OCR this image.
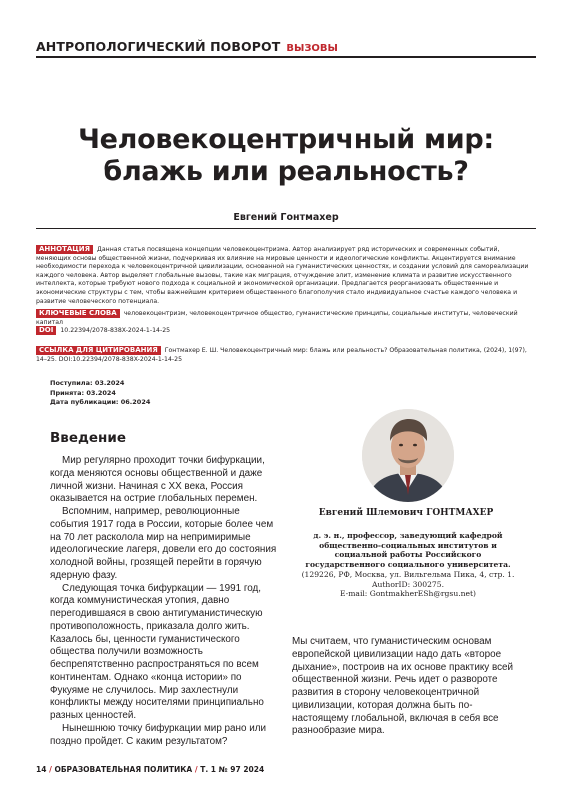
АНТРОПОЛОГИЧЕСКИЙ ПОВОРОТ ВЫЗОВЫ
Человекоцентричный мир:
блажь или реальность?
Евгений Гонтмахер
АННОТАЦИЯ Данная статья посвящена концепции человекоцентризма. Автор анализирует ряд исторических и современных событий, меняющих основы общественной жизни, подчеркивая их влияние на мировые ценности и идеологические конфликты. Акцентируется внимание необходимости перехода к человекоцентричной цивилизации, основанной на гуманистических ценностях, и создании условий для самореализации каждого человека. Автор выделяет глобальные вызовы, такие как миграция, отчуждение элит, изменение климата и развитие искусственного интеллекта, которые требуют нового подхода к социальной и экономической организации. Предлагается реорганизовать общественные и экономические структуры с тем, чтобы важнейшим критерием общественного благополучия стало индивидуальное счастье каждого человека и развитие человеческого потенциала.
КЛЮЧЕВЫЕ СЛОВА человекоцентризм, человекоцентричное общество, гуманистические принципы, социальные институты, человеческий капитал
DOI 10.22394/2078-838X-2024-1-14-25
ССЫЛКА ДЛЯ ЦИТИРОВАНИЯ Гонтмахер Е. Ш. Человекоцентричный мир: блажь или реальность? Образовательная политика, (2024), 1(97), 14–25. DOI:10.22394/2078-838X-2024-1-14-25
Поступила: 03.2024
Принята: 03.2024
Дата публикации: 06.2024
Введение

Мир регулярно проходит точки бифуркации, когда меняются основы общественной и даже личной жизни. Начиная с XX века, Россия оказывается на острие глобальных перемен.

Вспомним, например, революционные события 1917 года в России, которые более чем на 70 лет расколола мир на непримиримые идеологические лагеря, довели его до состояния холодной войны, грозящей перейти в горячую ядерную фазу.

Следующая точка бифуркации — 1991 год, когда коммунистическая утопия, давно перегодившаяся в свою антигуманистическую противоположность, приказала долго жить. Казалось бы, ценности гуманистического общества получили возможность беспрепятственно распространяться по всем континентам. Однако «конца истории» по Фукуяме не случилось. Мир захлестнули конфликты между носителями принципиально разных ценностей.

Нынешнюю точку бифуркации мир рано или поздно пройдет. С каким результатом?

Евгений Шлемович ГОНТМАХЕР
д. э. н., профессор, заведующий кафедрой общественно-социальных институтов и социальной работы Российского государственного социального университета.
(129226, РФ, Москва, ул. Вильгельма Пика, 4, стр. 1. AuthorID: 300275.
E-mail: GontmakherESh@rgsu.net)

Мы считаем, что гуманистическим основам европейской цивилизации надо дать «второе дыхание», построив на их основе практику всей общественной жизни. Речь идет о развороте развития в сторону человекоцентричной цивилизации, которая должна быть по-настоящему глобальной, включая в себя все разнообразие мира.

14 / ОБРАЗОВАТЕЛЬНАЯ ПОЛИТИКА / Т. 1 № 97 2024
